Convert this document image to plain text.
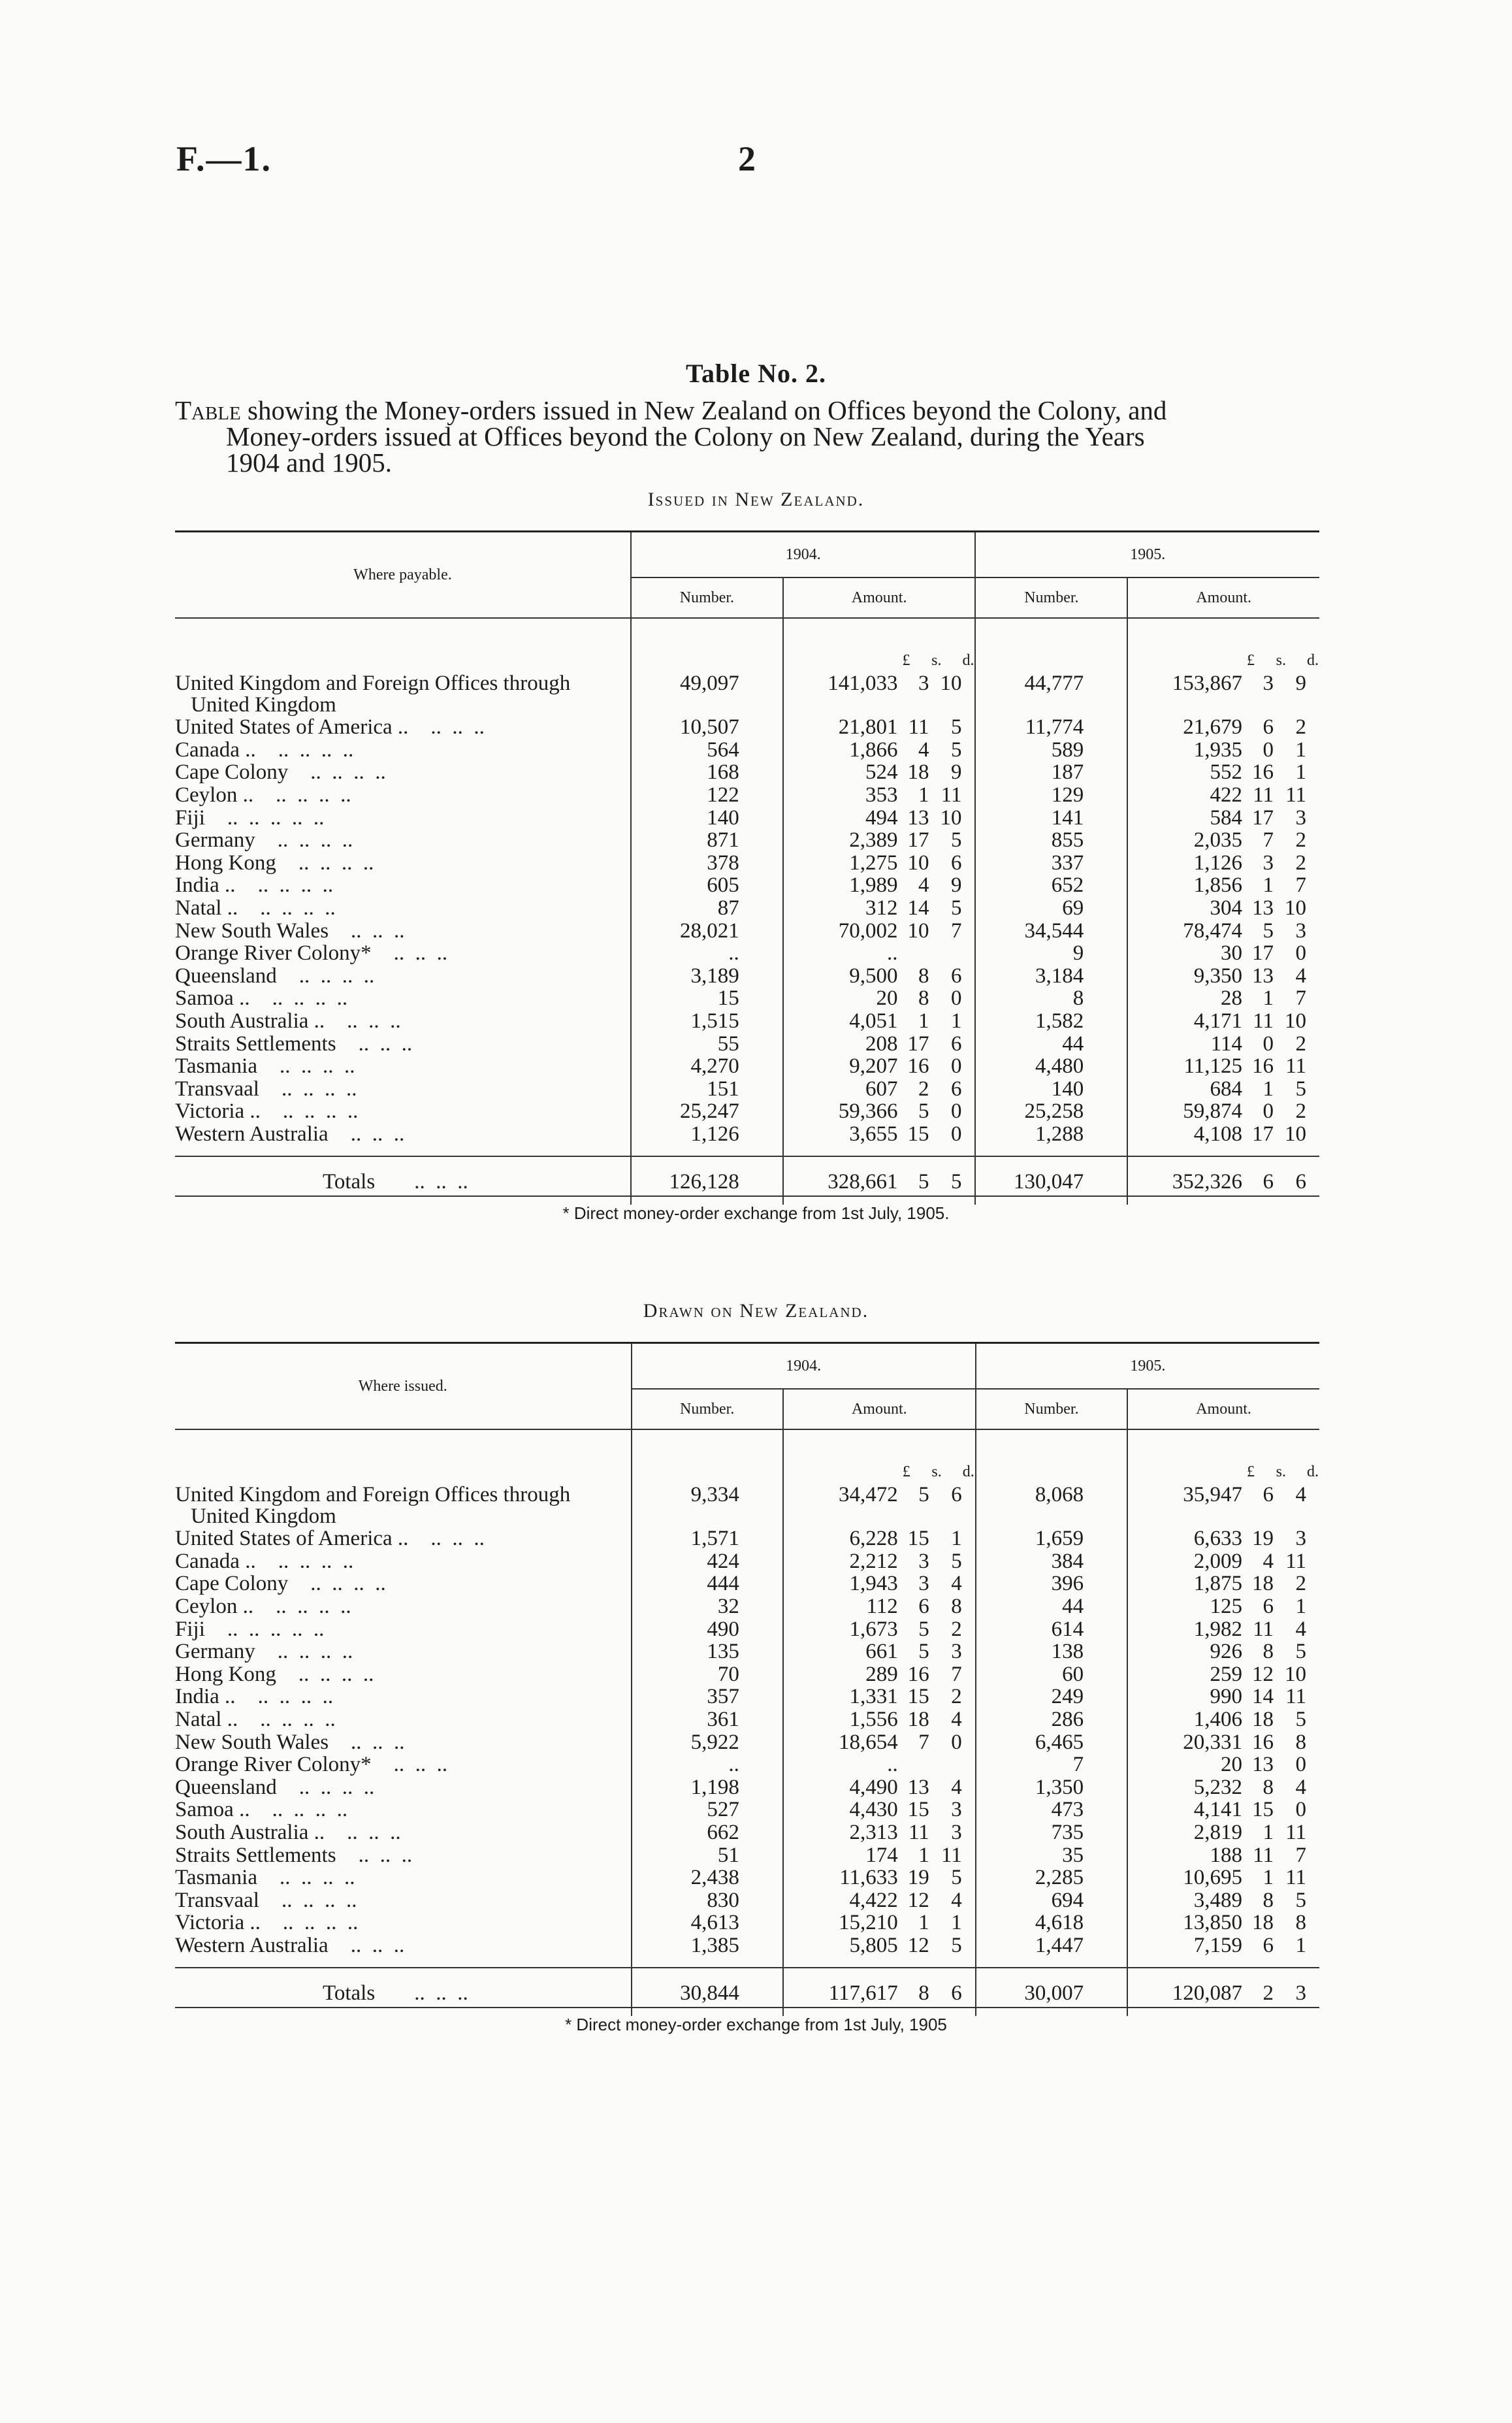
F.—1.	2
Table No. 2.
Table showing the Money-orders issued in New Zealand on Offices beyond the Colony, and
Money-orders issued at Offices beyond the Colony on New Zealand, during the Years
1904 and 1905.
Issued in New Zealand.
Where payable.	1904.		1905.	
	Number.	Amount.	Number.	Amount.
		£ s. d.		£ s. d.
United Kingdom and Foreign Offices through
United Kingdom	49,097	141,033 3 10	44,777	153,867 3 9
United States of America .. ..  ..  ..	10,507	21,801 11 5	11,774	21,679 6 2
Canada .. ..  ..  ..  ..	564	1,866 4 5	589	1,935 0 1
Cape Colony ..  ..  ..  ..	168	524 18 9	187	552 16 1
Ceylon .. ..  ..  ..  ..	122	353 1 11	129	422 11 11
Fiji ..  ..  ..  ..  ..	140	494 13 10	141	584 17 3
Germany ..  ..  ..  ..	871	2,389 17 5	855	2,035 7 2
Hong Kong ..  ..  ..  ..	378	1,275 10 6	337	1,126 3 2
India .. ..  ..  ..  ..	605	1,989 4 9	652	1,856 1 7
Natal .. ..  ..  ..  ..	87	312 14 5	69	304 13 10
New South Wales ..  ..  ..	28,021	70,002 10 7	34,544	78,474 5 3
Orange River Colony* ..  ..  ..	..	..	9	30 17 0
Queensland ..  ..  ..  ..	3,189	9,500 8 6	3,184	9,350 13 4
Samoa .. ..  ..  ..  ..	15	20 8 0	8	28 1 7
South Australia .. ..  ..  ..	1,515	4,051 1 1	1,582	4,171 11 10
Straits Settlements ..  ..  ..	55	208 17 6	44	114 0 2
Tasmania ..  ..  ..  ..	4,270	9,207 16 0	4,480	11,125 16 11
Transvaal ..  ..  ..  ..	151	607 2 6	140	684 1 5
Victoria .. ..  ..  ..  ..	25,247	59,366 5 0	25,258	59,874 0 2
Western Australia ..  ..  ..	1,126	3,655 15 0	1,288	4,108 17 10

Totals ..  ..  ..	126,128	328,661 5 5	130,047	352,326 6 6
* Direct money-order exchange from 1st July, 1905.
Drawn on New Zealand.
Where issued.	1904.		1905.	
	Number.	Amount.	Number.	Amount.
		£ s. d.		£ s. d.
United Kingdom and Foreign Offices through
United Kingdom	9,334	34,472 5 6	8,068	35,947 6 4
United States of America .. ..  ..  ..	1,571	6,228 15 1	1,659	6,633 19 3
Canada .. ..  ..  ..  ..	424	2,212 3 5	384	2,009 4 11
Cape Colony ..  ..  ..  ..	444	1,943 3 4	396	1,875 18 2
Ceylon .. ..  ..  ..  ..	32	112 6 8	44	125 6 1
Fiji ..  ..  ..  ..  ..	490	1,673 5 2	614	1,982 11 4
Germany ..  ..  ..  ..	135	661 5 3	138	926 8 5
Hong Kong ..  ..  ..  ..	70	289 16 7	60	259 12 10
India .. ..  ..  ..  ..	357	1,331 15 2	249	990 14 11
Natal .. ..  ..  ..  ..	361	1,556 18 4	286	1,406 18 5
New South Wales ..  ..  ..	5,922	18,654 7 0	6,465	20,331 16 8
Orange River Colony* ..  ..  ..	..	..	7	20 13 0
Queensland ..  ..  ..  ..	1,198	4,490 13 4	1,350	5,232 8 4
Samoa .. ..  ..  ..  ..	527	4,430 15 3	473	4,141 15 0
South Australia .. ..  ..  ..	662	2,313 11 3	735	2,819 1 11
Straits Settlements ..  ..  ..	51	174 1 11	35	188 11 7
Tasmania ..  ..  ..  ..	2,438	11,633 19 5	2,285	10,695 1 11
Transvaal ..  ..  ..  ..	830	4,422 12 4	694	3,489 8 5
Victoria .. ..  ..  ..  ..	4,613	15,210 1 1	4,618	13,850 18 8
Western Australia ..  ..  ..	1,385	5,805 12 5	1,447	7,159 6 1

Totals ..  ..  ..	30,844	117,617 8 6	30,007	120,087 2 3
* Direct money-order exchange from 1st July, 1905
